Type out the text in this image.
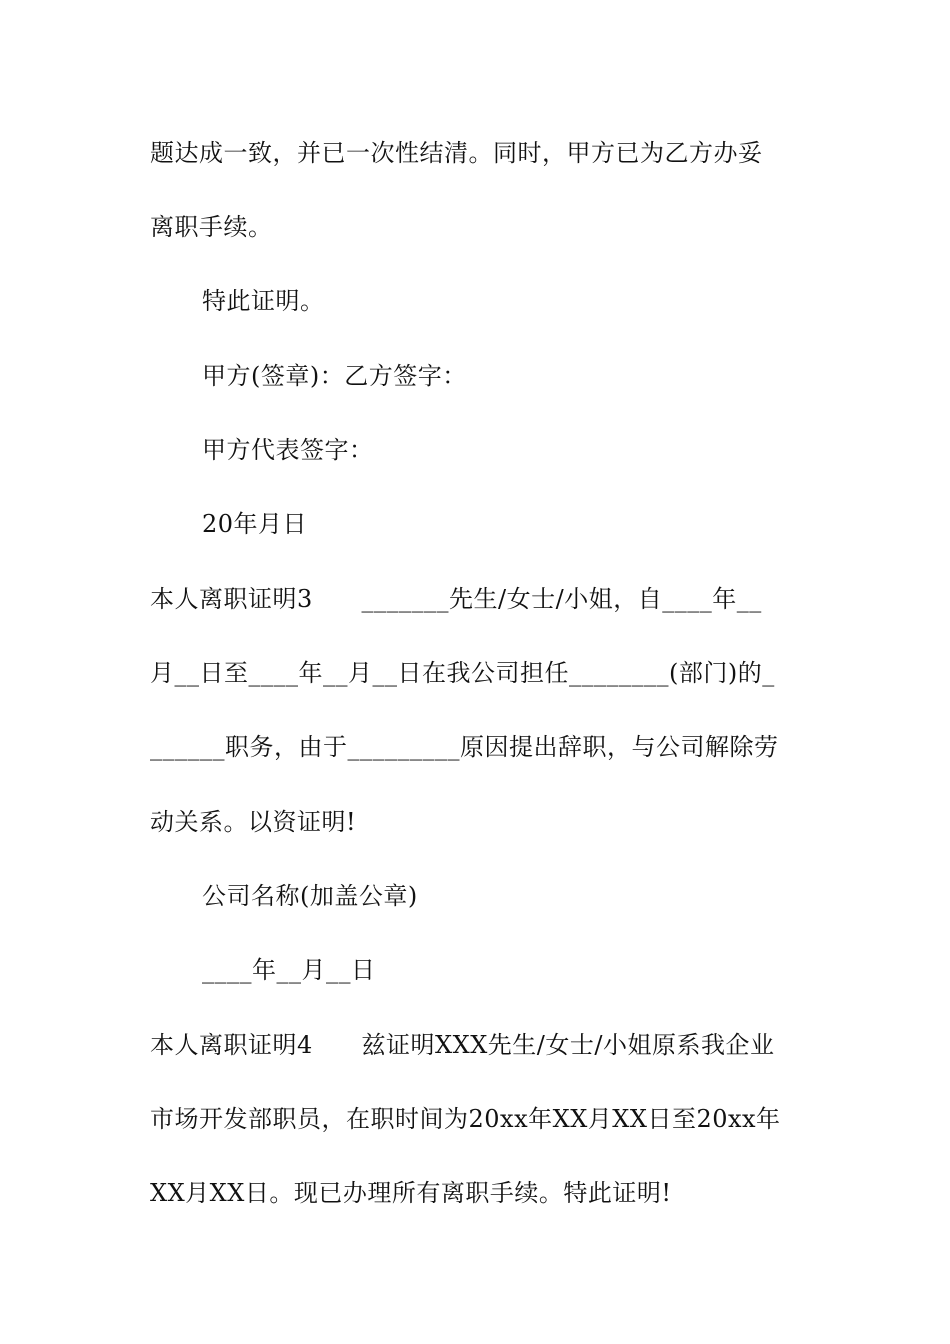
题达成一致，并已一次性结清。同时，甲方已为乙方办妥
离职手续。
特此证明。
甲方(签章)：乙方签字：
甲方代表签字：
20年月日
本人离职证明3      _______先生/女士/小姐，自____年__
月__日至____年__月__日在我公司担任________(部门)的_
______职务，由于_________原因提出辞职，与公司解除劳
动关系。以资证明!
公司名称(加盖公章)
____年__月__日
本人离职证明4      兹证明XXX先生/女士/小姐原系我企业
市场开发部职员，在职时间为20xx年XX月XX日至20xx年
XX月XX日。现已办理所有离职手续。特此证明!
